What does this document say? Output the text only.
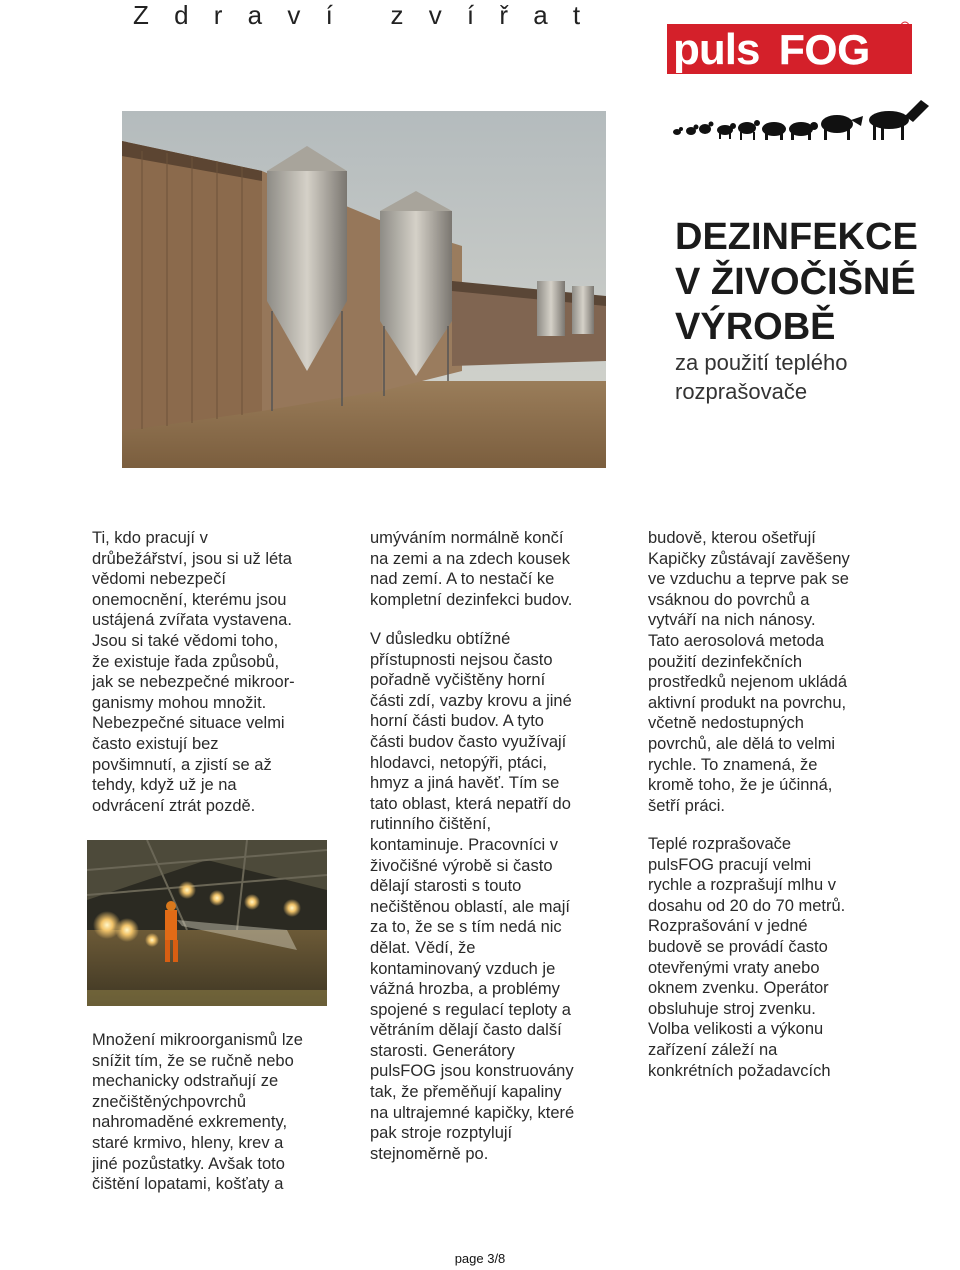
Z d r a v í   z v í ř a t
puls FOG
DEZINFEKCE
V ŽIVOČIŠNÉ
VÝROBĚ
za použití teplého
rozprašovače

Ti, kdo pracují v

drůbežářství, jsou si už léta

vědomi nebezpečí

onemocnění, kterému jsou

ustájená zvířata vystavena.

Jsou si také vědomi toho,

že existuje řada způsobů,

jak se nebezpečné mikroor-

ganismy mohou množit.

Nebezpečné situace velmi

často existují bez

povšimnutí, a zjistí se až

tehdy, když už je na

odvrácení ztrát pozdě.

Množení mikroorganismů lze

snížit tím, že se ručně nebo

mechanicky odstraňují ze

znečištěnýchpovrchů

nahromaděné exkrementy,

staré krmivo, hleny, krev a

jiné pozůstatky. Avšak toto

čištění lopatami, košťaty a

umýváním normálně končí

na zemi a na zdech kousek

nad zemí. A to nestačí ke

kompletní dezinfekci budov.

V důsledku obtížné

přístupnosti nejsou často

pořadně vyčištěny horní

části zdí, vazby krovu a jiné

horní části budov. A tyto

části budov často využívají

hlodavci, netopýři, ptáci,

hmyz a jiná havěť. Tím se

tato oblast, která nepatří do

rutinního čištění,

kontaminuje. Pracovníci v

živočišné výrobě si často

dělají starosti s touto

nečištěnou oblastí, ale mají

za to, že se s tím nedá nic

dělat. Vědí, že

kontaminovaný vzduch je

vážná hrozba, a problémy

spojené s regulací teploty a

větráním dělají často další

starosti. Generátory

pulsFOG jsou konstruovány

tak, že přeměňují kapaliny

na ultrajemné kapičky, které

pak stroje rozptylují

stejnoměrně po.

budově, kterou ošetřují

Kapičky zůstávají zavěšeny

ve vzduchu a teprve pak se

vsáknou do povrchů a

vytváří na nich nánosy.

Tato aerosolová metoda

použití dezinfekčních

prostředků nejenom ukládá

aktivní produkt na povrchu,

včetně nedostupných

povrchů, ale dělá to velmi

rychle. To znamená, že

kromě toho, že je účinná,

šetří práci.

Teplé rozprašovače

pulsFOG pracují velmi

rychle a rozprašují mlhu v

dosahu od 20 do 70 metrů.

Rozprašování v jedné

budově se provádí často

otevřenými vraty anebo

oknem zvenku. Operátor

obsluhuje stroj zvenku.

Volba velikosti a výkonu

zařízení záleží na

konkrétních požadavcích

page 3/8
